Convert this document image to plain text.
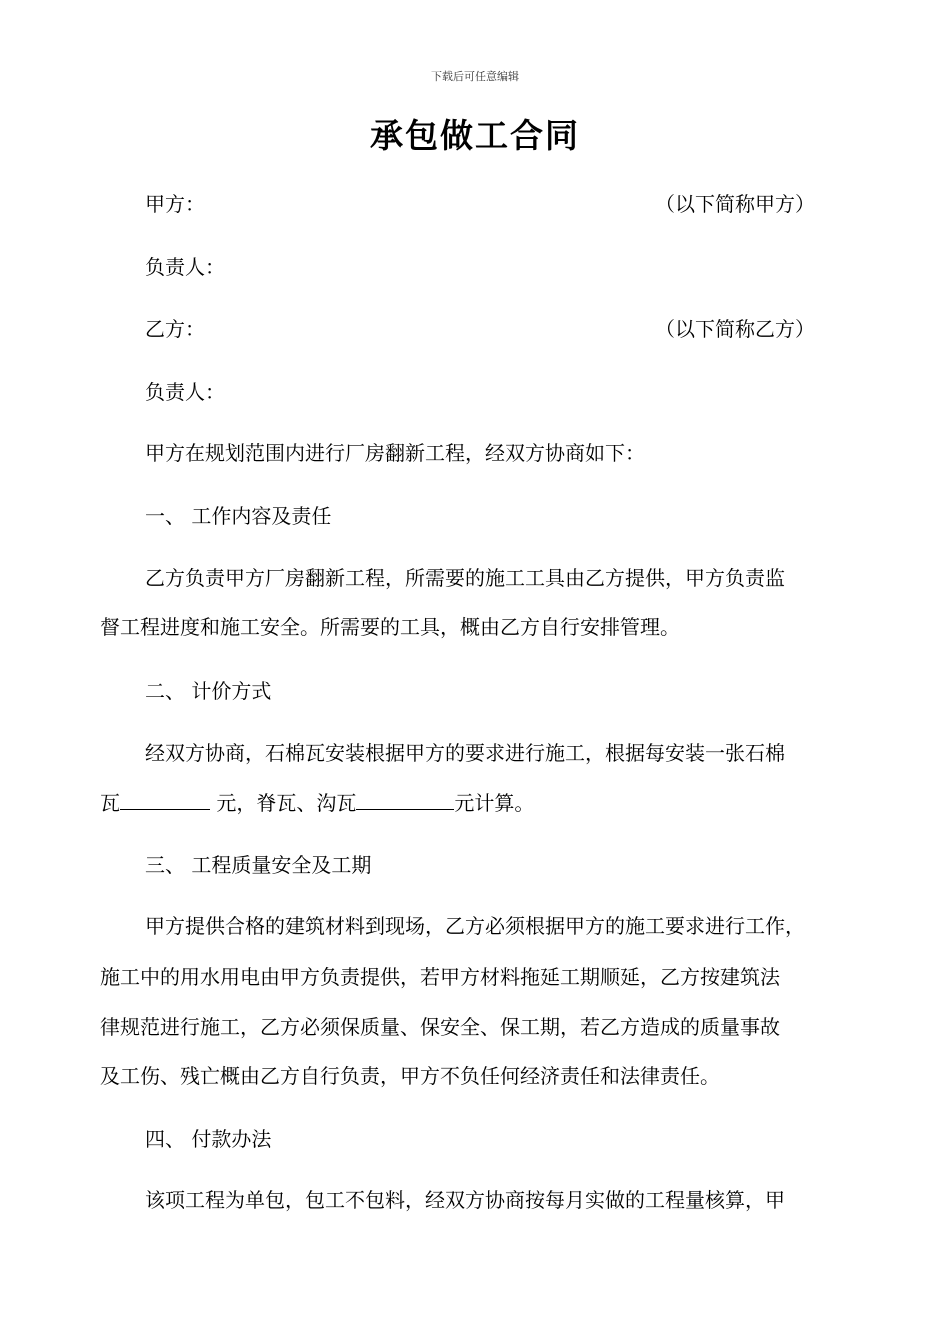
下载后可任意编辑
承包做工合同
甲方：	（以下简称甲方）
负责人：
乙方：	（以下简称乙方）
负责人：
甲方在规划范围内进行厂房翻新工程，经双方协商如下：
一、 工作内容及责任
乙方负责甲方厂房翻新工程，所需要的施工工具由乙方提供，甲方负责监
督工程进度和施工安全。所需要的工具，概由乙方自行安排管理。
二、 计价方式
经双方协商，石棉瓦安装根据甲方的要求进行施工，根据每安装一张石棉
瓦	元，脊瓦、沟瓦	元计算。
三、 工程质量安全及工期
甲方提供合格的建筑材料到现场，乙方必须根据甲方的施工要求进行工作，
施工中的用水用电由甲方负责提供，若甲方材料拖延工期顺延，乙方按建筑法
律规范进行施工，乙方必须保质量、保安全、保工期，若乙方造成的质量事故
及工伤、残亡概由乙方自行负责，甲方不负任何经济责任和法律责任。
四、 付款办法
该项工程为单包，包工不包料，经双方协商按每月实做的工程量核算，甲
